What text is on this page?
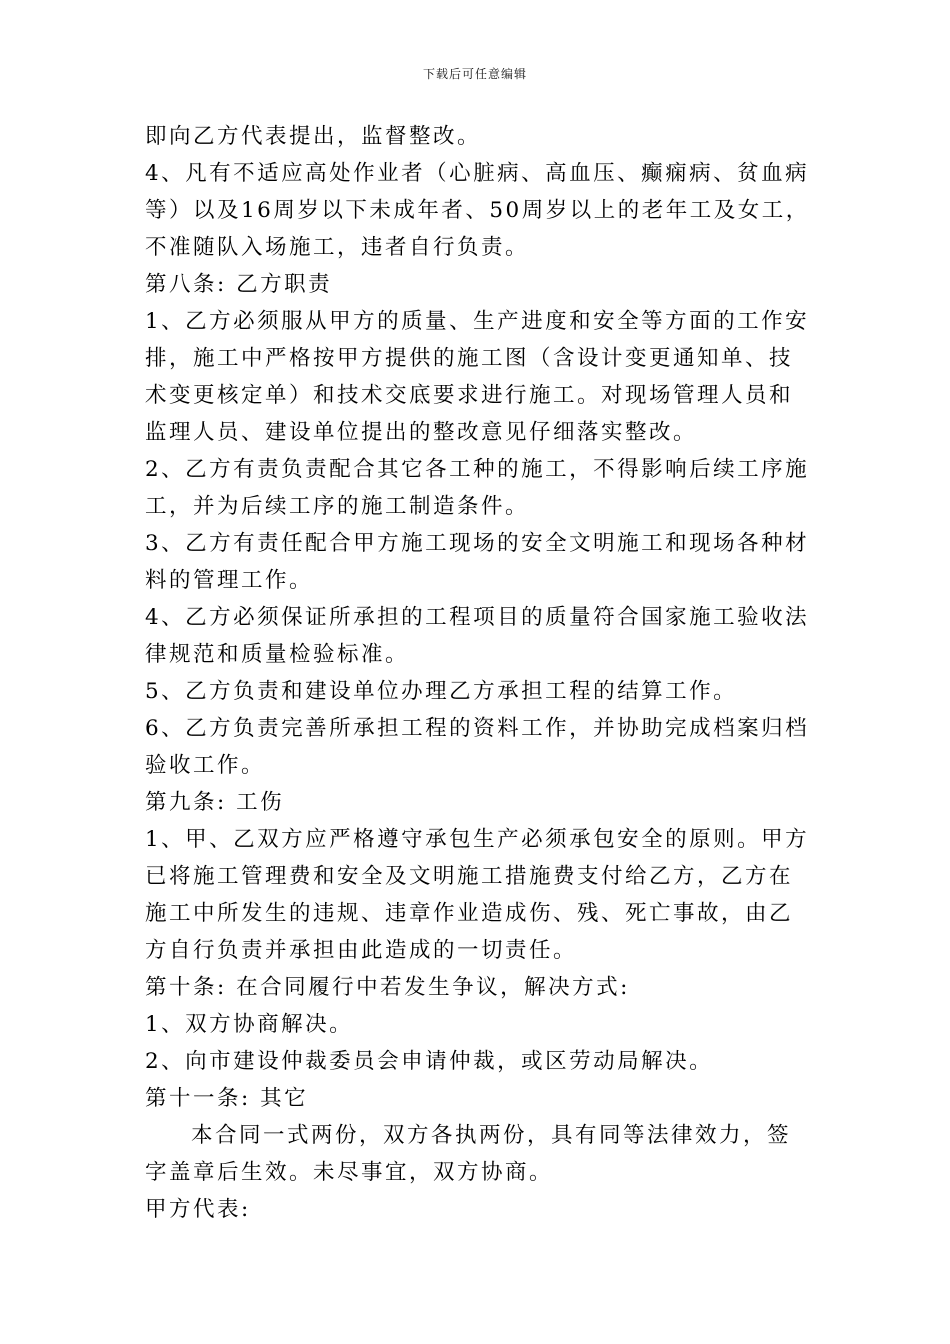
下载后可任意编辑
即向乙方代表提出，监督整改。
4、凡有不适应高处作业者（心脏病、高血压、癫痫病、贫血病
等）以及16周岁以下未成年者、50周岁以上的老年工及女工，
不准随队入场施工，违者自行负责。
第八条: 乙方职责
1、乙方必须服从甲方的质量、生产进度和安全等方面的工作安
排，施工中严格按甲方提供的施工图（含设计变更通知单、技
术变更核定单）和技术交底要求进行施工。对现场管理人员和
监理人员、建设单位提出的整改意见仔细落实整改。
2、乙方有责负责配合其它各工种的施工，不得影响后续工序施
工，并为后续工序的施工制造条件。
3、乙方有责任配合甲方施工现场的安全文明施工和现场各种材
料的管理工作。
4、乙方必须保证所承担的工程项目的质量符合国家施工验收法
律规范和质量检验标准。
5、乙方负责和建设单位办理乙方承担工程的结算工作。
6、乙方负责完善所承担工程的资料工作，并协助完成档案归档
验收工作。
第九条: 工伤
1、甲、乙双方应严格遵守承包生产必须承包安全的原则。甲方
已将施工管理费和安全及文明施工措施费支付给乙方，乙方在
施工中所发生的违规、违章作业造成伤、残、死亡事故，由乙
方自行负责并承担由此造成的一切责任。
第十条: 在合同履行中若发生争议，解决方式:
1、双方协商解决。
2、向市建设仲裁委员会申请仲裁，或区劳动局解决。
第十一条: 其它
本合同一式两份，双方各执两份，具有同等法律效力，签
字盖章后生效。未尽事宜，双方协商。
甲方代表:
